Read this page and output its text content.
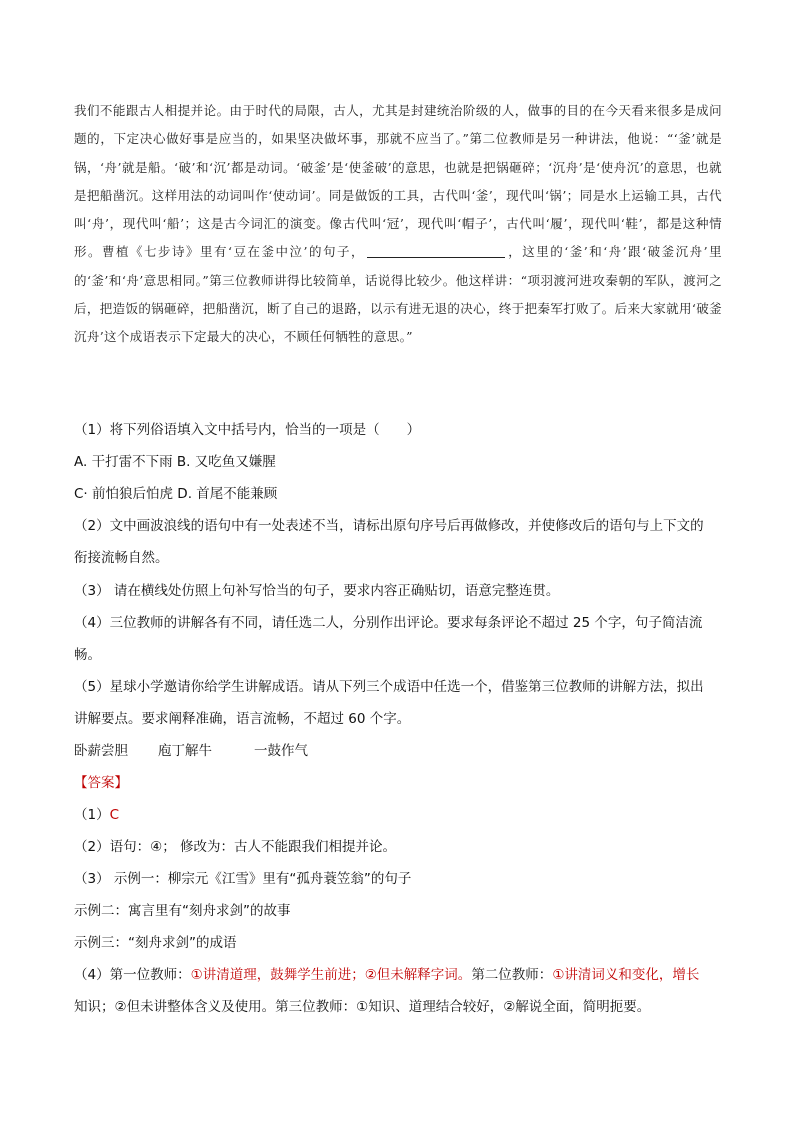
我们不能跟古人相提并论。由于时代的局限，古人，尤其是封建统治阶级的人，做事的目的在今天看来很多是成问题的，下定决心做好事是应当的，如果坚决做坏事，那就不应当了。”第二位教师是另一种讲法，他说：“‘釜’就是锅，‘舟’就是船。‘破’和‘沉’都是动词。‘破釜’是‘使釜破’的意思，也就是把锅砸碎；‘沉舟’是‘使舟沉’的意思，也就是把船凿沉。这样用法的动词叫作‘使动词’。同是做饭的工具，古代叫‘釜’，现代叫‘锅’；同是水上运输工具，古代叫‘舟’，现代叫‘船’；这是古今词汇的演变。像古代叫‘冠’，现代叫‘帽子’，古代叫‘履’，现代叫‘鞋’，都是这种情形。曹植《七步诗》里有‘豆在釜中泣’的句子，	，这里的‘釜’和‘舟’跟‘破釜沉舟’里的‘釜’和‘舟’意思相同。”第三位教师讲得比较简单，话说得比较少。他这样讲：“项羽渡河进攻秦朝的军队，渡河之后，把造饭的锅砸碎，把船凿沉，断了自己的退路，以示有进无退的决心，终于把秦军打败了。后来大家就用‘破釜沉舟’这个成语表示下定最大的决心，不顾任何牺牲的意思。”
（1）将下列俗语填入文中括号内，恰当的一项是（　　）
A. 干打雷不下雨 B. 又吃鱼又嫌腥
C· 前怕狼后怕虎 D. 首尾不能兼顾
（2）文中画波浪线的语句中有一处表述不当，请标出原句序号后再做修改，并使修改后的语句与上下文的
衔接流畅自然。
（3） 请在横线处仿照上句补写恰当的句子，要求内容正确贴切，语意完整连贯。
（4）三位教师的讲解各有不同，请任选二人，分别作出评论。要求每条评论不超过 25 个字，句子简洁流
畅。
（5）星球小学邀请你给学生讲解成语。请从下列三个成语中任选一个，借鉴第三位教师的讲解方法，拟出
讲解要点。要求阐释准确，语言流畅，不超过 60 个字。
卧薪尝胆 庖丁解牛	一鼓作气
【答案】
（1）C
（2）语句：④； 修改为：古人不能跟我们相提并论。
（3） 示例一：柳宗元《江雪》里有“孤舟蓑笠翁”的句子
示例二：寓言里有“刻舟求剑”的故事
示例三：“刻舟求剑”的成语
（4）第一位教师：①讲清道理，鼓舞学生前进；②但未解释字词。第二位教师：①讲清词义和变化，增长
知识；②但未讲整体含义及使用。第三位教师：①知识、道理结合较好，②解说全面，简明扼要。
